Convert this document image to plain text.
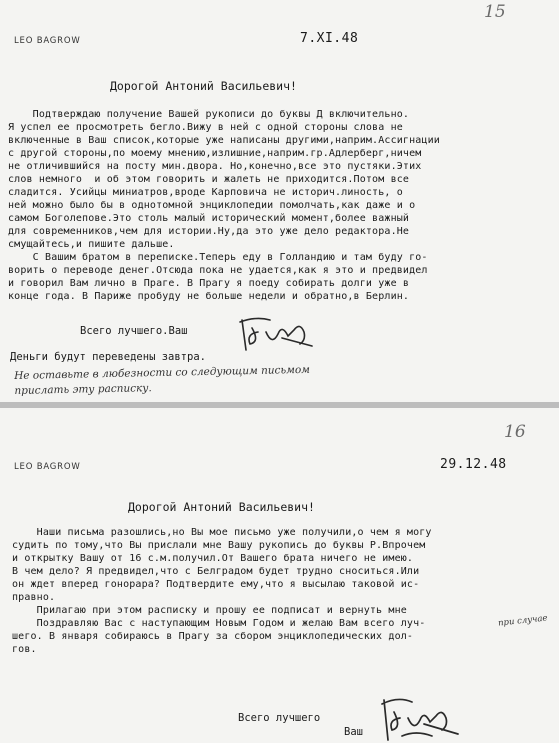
15
LEO BAGROW	7.XI.48
Дорогой Антоний Васильевич!
Подтверждаю получение Вашей рукописи до буквы Д включительно.
Я успел ее просмотреть бегло.Вижу в ней с одной стороны слова не
включенные в Ваш список,которые уже написаны другими,наприм.Ассигнации
с другой стороны,по моему мнению,излишние,наприм.гр.Адлерберг,ничем
не отличившийся на посту мин.двора. Но,конечно,все это пустяки.Этих
слов немного  и об этом говорить и жалеть не приходится.Потом все
сладится. Усийцы миниатров,вроде Карповича не историч.линость, о
ней можно было бы в однотомной энциклопедии помолчать,как даже и о
самом Боголепове.Это столь малый исторический момент,более важный
для современников,чем для истории.Ну,да это уже дело редактора.Не
смущайтесь,и пишите дальше.
С Вашим братом в переписке.Теперь еду в Голландию и там буду го-
ворить о переводе денег.Отсюда пока не удается,как я это и предвидел
и говорил Вам лично в Праге. В Прагу я поеду собирать долги уже в
конце года. В Париже пробуду не больше недели и обратно,в Берлин.
Всего лучшего.Ваш
Деньги будут переведены завтра.
Не оставьте в любезности со следующим письмом
прислать эту расписку.
16
LEO BAGROW	29.12.48
Дорогой Антоний Васильевич!
Наши письма разошлись,но Вы мое письмо уже получили,о чем я могу
судить по тому,что Вы прислали мне Вашу рукопись до буквы Р.Впрочем
и открытку Вашу от 16 с.м.получил.От Вашего брата ничего не имею.
В чем дело? Я предвидел,что с Белградом будет трудно сноситься.Или
он ждет вперед гонорара? Подтвердите ему,что я высылаю таковой ис-
правно.
Прилагаю при этом расписку и прошу ее подписат и вернуть мне
Поздравляю Вас с наступающим Новым Годом и желаю Вам всего луч-
шего. В января собираюсь в Прагу за сбором энциклопедических дол-
гов.
при случае
Всего лучшего
Ваш
